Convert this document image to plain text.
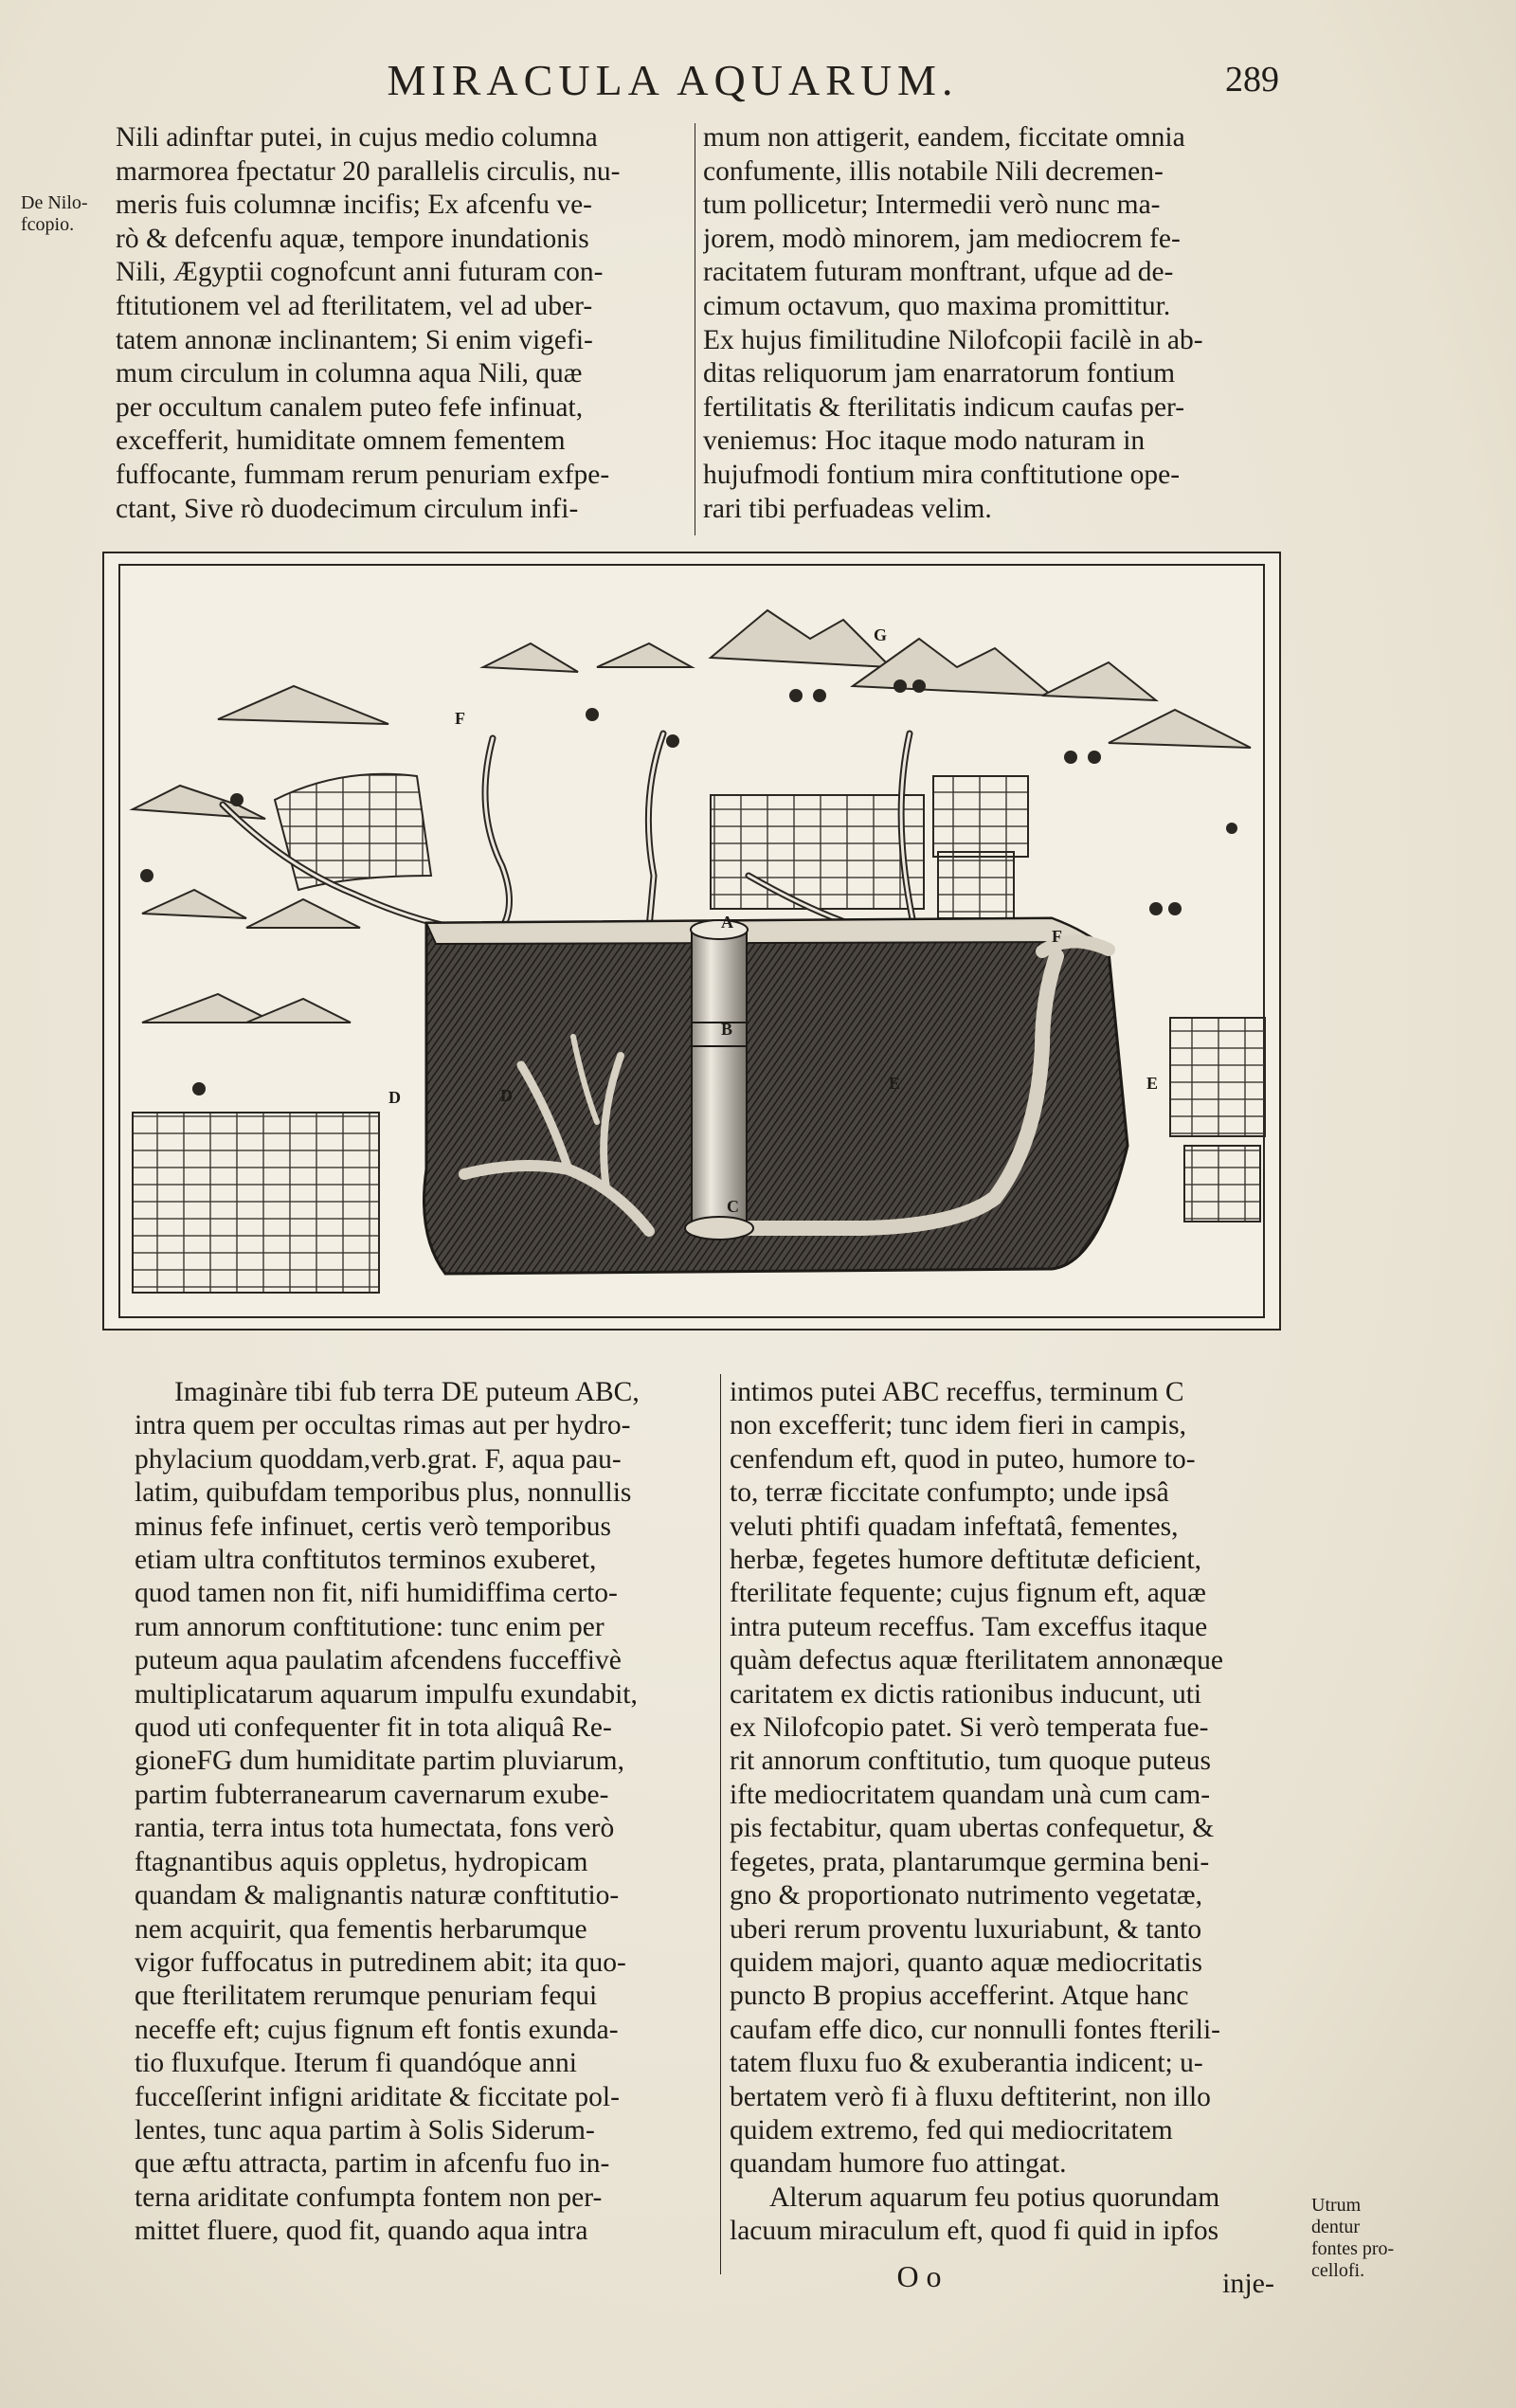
MIRACULA AQUARUM.	289
De Nilo-
fcopio.
Nili adinftar putei, in cujus medio columna
marmorea fpectatur 20 parallelis circulis, nu-
meris fuis columnæ incifis; Ex afcenfu ve-
rò & defcenfu aquæ, tempore inundationis
Nili, Ægyptii cognofcunt anni futuram con-
ftitutionem vel ad fterilitatem, vel ad uber-
tatem annonæ inclinantem; Si enim vigefi-
mum circulum in columna aqua Nili, quæ
per occultum canalem puteo fefe infinuat,
excefferit, humiditate omnem fementem
fuffocante, fummam rerum penuriam exfpe-
ctant, Sive rò duodecimum circulum infi-
mum non attigerit, eandem, ficcitate omnia
confumente, illis notabile Nili decremen-
tum pollicetur; Intermedii verò nunc ma-
jorem, modò minorem, jam mediocrem fe-
racitatem futuram monftrant, ufque ad de-
cimum octavum, quo maxima promittitur.
Ex hujus fimilitudine Nilofcopii facilè in ab-
ditas reliquorum jam enarratorum fontium
fertilitatis & fterilitatis indicum caufas per-
veniemus: Hoc itaque modo naturam in
hujufmodi fontium mira conftitutione ope-
rari tibi perfuadeas velim.
A
B
C
D	D
E	E
F
F
G
Imaginàre tibi fub terra DE puteum ABC,
intra quem per occultas rimas aut per hydro-
phylacium quoddam,verb.grat. F, aqua pau-
latim, quibufdam temporibus plus, nonnullis
minus fefe infinuet, certis verò temporibus
etiam ultra conftitutos terminos exuberet,
quod tamen non fit, nifi humidiffima certo-
rum annorum conftitutione: tunc enim per
puteum aqua paulatim afcendens fucceffivè
multiplicatarum aquarum impulfu exundabit,
quod uti confequenter fit in tota aliquâ Re-
gioneFG dum humiditate partim pluviarum,
partim fubterranearum cavernarum exube-
rantia, terra intus tota humectata, fons verò
ftagnantibus aquis oppletus, hydropicam
quandam & malignantis naturæ conftitutio-
nem acquirit, qua fementis herbarumque
vigor fuffocatus in putredinem abit; ita quo-
que fterilitatem rerumque penuriam fequi
neceffe eft; cujus fignum eft fontis exunda-
tio fluxufque. Iterum fi quandóque anni
fucceſſerint infigni ariditate & ficcitate pol-
lentes, tunc aqua partim à Solis Siderum-
que æftu attracta, partim in afcenfu fuo in-
terna ariditate confumpta fontem non per-
mittet fluere, quod fit, quando aqua intra
intimos putei ABC receffus, terminum C
non excefferit; tunc idem fieri in campis,
cenfendum eft, quod in puteo, humore to-
to, terræ ficcitate confumpto; unde ipsâ
veluti phtifi quadam infeftatâ, fementes,
herbæ, fegetes humore deftitutæ deficient,
fterilitate fequente; cujus fignum eft, aquæ
intra puteum receffus. Tam exceffus itaque
quàm defectus aquæ fterilitatem annonæque
caritatem ex dictis rationibus inducunt, uti
ex Nilofcopio patet. Si verò temperata fue-
rit annorum conftitutio, tum quoque puteus
ifte mediocritatem quandam unà cum cam-
pis fectabitur, quam ubertas confequetur, &
fegetes, prata, plantarumque germina beni-
gno & proportionato nutrimento vegetatæ,
uberi rerum proventu luxuriabunt, & tanto
quidem majori, quanto aquæ mediocritatis
puncto B propius accefferint. Atque hanc
caufam effe dico, cur nonnulli fontes fterili-
tatem fluxu fuo & exuberantia indicent; u-
bertatem verò fi à fluxu deftiterint, non illo
quidem extremo, fed qui mediocritatem
quandam humore fuo attingat.
Alterum aquarum feu potius quorundam
lacuum miraculum eft, quod fi quid in ipfos
Utrum
dentur
fontes pro-
cellofi.
O o	inje-
